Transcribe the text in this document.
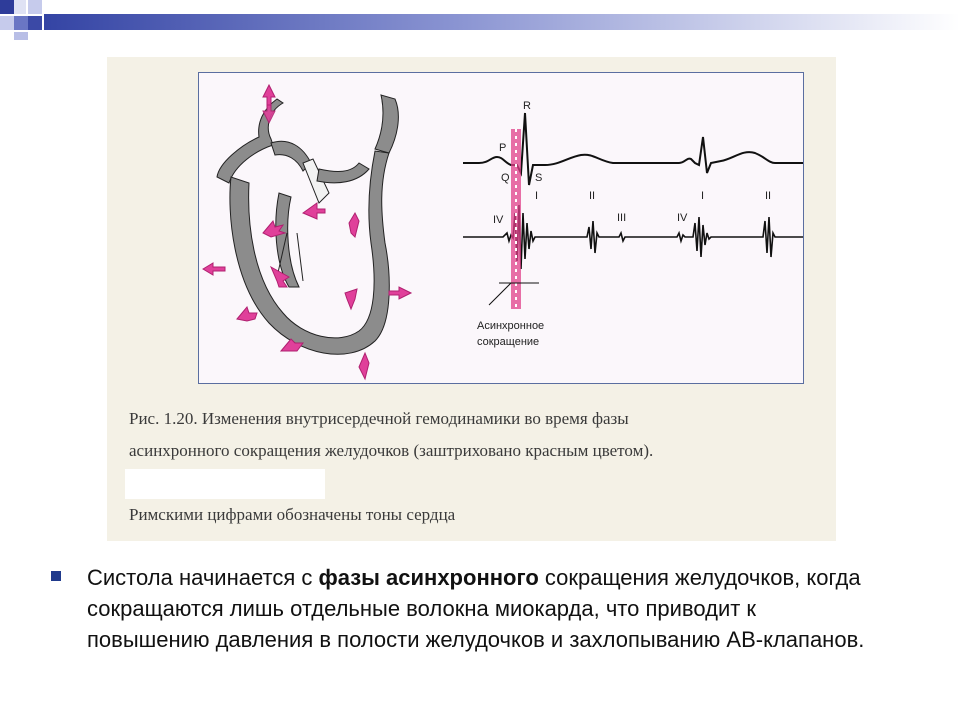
R
P
Q S
IV
I	II
III	IV
I	II
Асинхронное
сокращение
Рис. 1.20. Изменения внутрисердечной гемодинамики во время фазы
асинхронного сокращения желудочков (заштриховано красным цветом).
Римскими цифрами обозначены тоны сердца
Систола начинается с фазы асинхронного сокращения желудочков, когда сокращаются лишь отдельные волокна миокарда, что приводит к повышению давления в полости желудочков и захлопыванию АВ-клапанов.
